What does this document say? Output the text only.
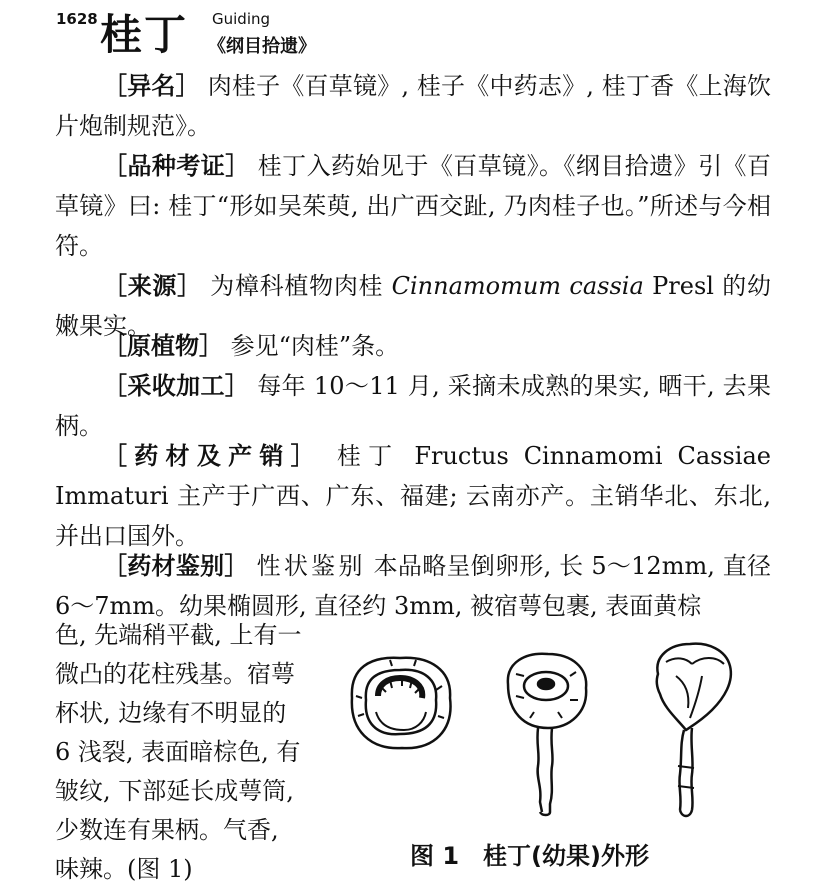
1628 桂丁 Guiding
《纲目拾遗》

［异名］ 肉桂子《百草镜》, 桂子《中药志》, 桂丁香《上海饮片炮制规范》。

［品种考证］ 桂丁入药始见于《百草镜》。《纲目拾遗》引《百草镜》曰: 桂丁“形如吴茱萸, 出广西交趾, 乃肉桂子也。”所述与今相符。

［来源］ 为樟科植物肉桂 Cinnamomum cassia Presl 的幼嫩果实。

［原植物］ 参见“肉桂”条。

［采收加工］ 每年 10～11 月, 采摘未成熟的果实, 晒干, 去果柄。

［药材及产销］ 桂丁 Fructus Cinnamomi Cassiae Immaturi 主产于广西、广东、福建; 云南亦产。主销华北、东北, 并出口国外。

［药材鉴别］ 性状鉴别 本品略呈倒卵形, 长 5～12mm, 直径 6～7mm。幼果椭圆形, 直径约 3mm, 被宿萼包裹, 表面黄棕

色, 先端稍平截, 上有一
微凸的花柱残基。宿萼
杯状, 边缘有不明显的
6 浅裂, 表面暗棕色, 有
皱纹, 下部延长成萼筒,
少数连有果柄。气香,
味辣。(图 1)	图 1　桂丁(幼果)外形
